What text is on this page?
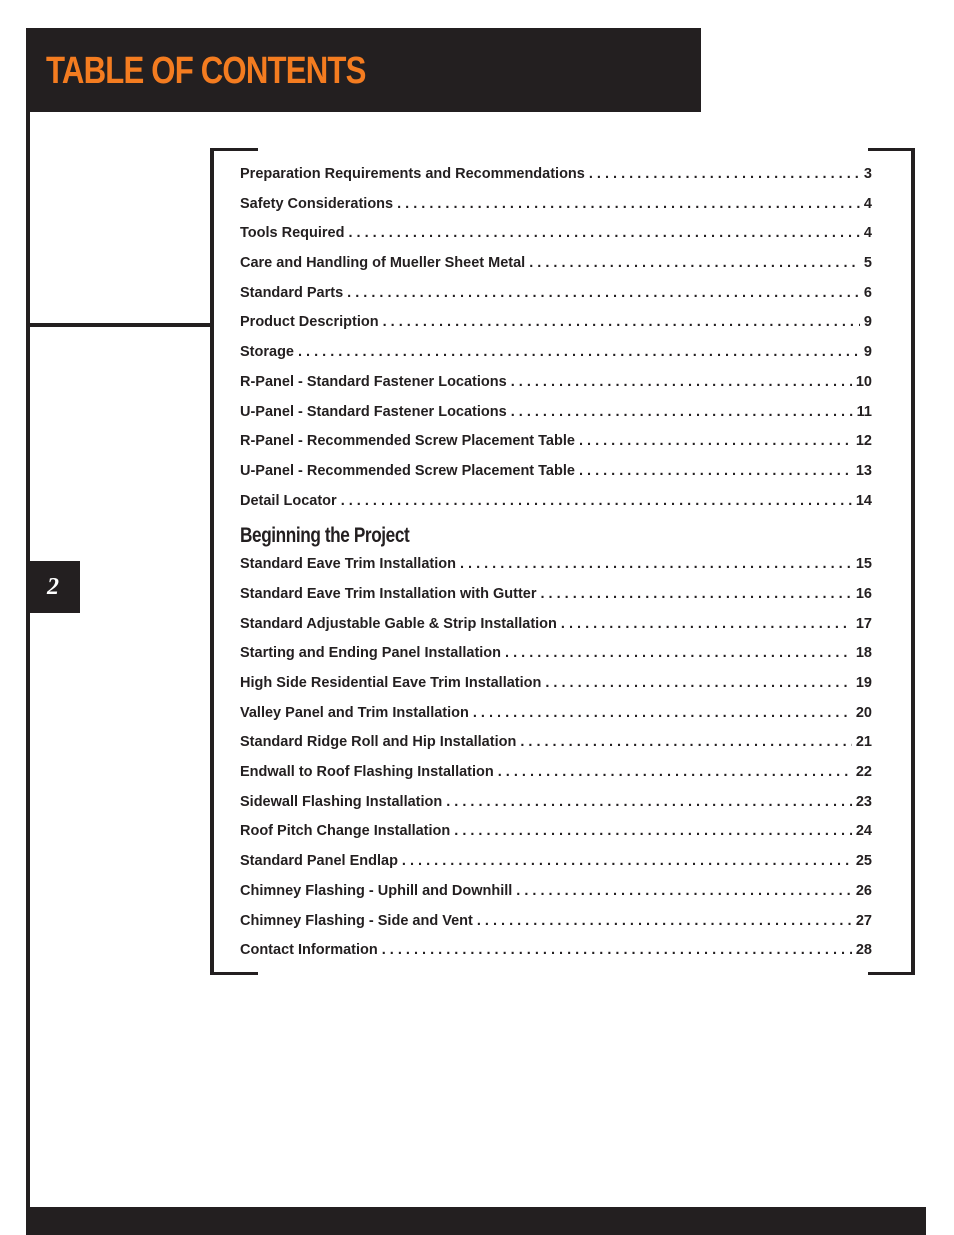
TABLE OF CONTENTS
2
Preparation Requirements and Recommendations . . .	3
Safety Considerations . . .	4
Tools Required . . .	4
Care and Handling of Mueller Sheet Metal . . .	5
Standard Parts . . .	6
Product Description . . .	9
Storage . . .	9
R-Panel - Standard Fastener Locations . . .	10
U-Panel - Standard Fastener Locations . . .	11
R-Panel - Recommended Screw Placement Table . . .	12
U-Panel - Recommended Screw Placement Table . . .	13
Detail Locator . . .	14
Beginning the Project
Standard Eave Trim Installation . . .	15
Standard Eave Trim Installation with Gutter . . .	16
Standard Adjustable Gable & Strip Installation . . .	17
Starting and Ending Panel Installation . . .	18
High Side Residential Eave Trim Installation . . .	19
Valley Panel and Trim Installation . . .	20
Standard Ridge Roll and Hip Installation . . .	21
Endwall to Roof Flashing Installation . . .	22
Sidewall Flashing Installation . . .	23
Roof Pitch Change Installation . . .	24
Standard Panel Endlap . . .	25
Chimney Flashing - Uphill and Downhill . . .	26
Chimney Flashing - Side and Vent . . .	27
Contact Information . . .	28
